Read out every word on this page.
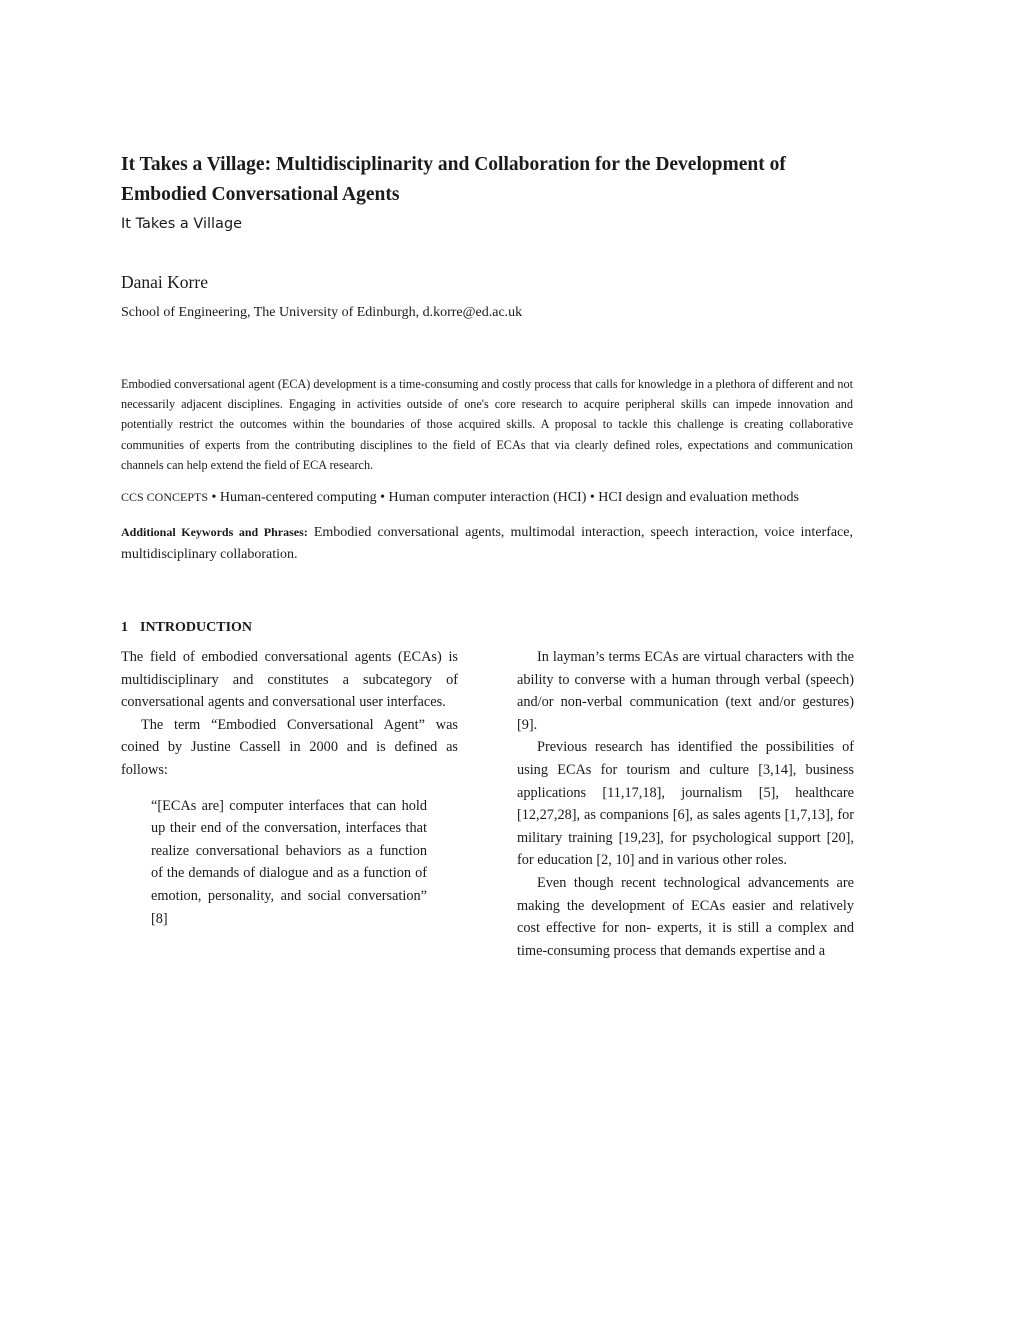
It Takes a Village: Multidisciplinarity and Collaboration for the Development of Embodied Conversational Agents
It Takes a Village
Danai Korre
School of Engineering, The University of Edinburgh, d.korre@ed.ac.uk

Embodied conversational agent (ECA) development is a time-consuming and costly process that calls for knowledge in a plethora of different and not necessarily adjacent disciplines. Engaging in activities outside of one's core research to acquire peripheral skills can impede innovation and potentially restrict the outcomes within the boundaries of those acquired skills. A proposal to tackle this challenge is creating collaborative communities of experts from the contributing disciplines to the field of ECAs that via clearly defined roles, expectations and communication channels can help extend the field of ECA research.

CCS CONCEPTS • Human-centered computing • Human computer interaction (HCI) • HCI design and evaluation methods

Additional Keywords and Phrases: Embodied conversational agents, multimodal interaction, speech interaction, voice interface, multidisciplinary collaboration.

1 INTRODUCTION

The field of embodied conversational agents (ECAs) is multidisciplinary and constitutes a subcategory of conversational agents and conversational user interfaces.

The term “Embodied Conversational Agent” was coined by Justine Cassell in 2000 and is defined as follows:

“[ECAs are] computer interfaces that can hold up their end of the conversation, interfaces that realize conversational behaviors as a function of the demands of dialogue and as a function of emotion, personality, and social conversation” [8]

In layman’s terms ECAs are virtual characters with the ability to converse with a human through verbal (speech) and/or non-verbal communication (text and/or gestures) [9].

Previous research has identified the possibilities of using ECAs for tourism and culture [3,14], business applications [11,17,18], journalism [5], healthcare [12,27,28], as companions [6], as sales agents [1,7,13], for military training [19,23], for psychological support [20], for education [2, 10] and in various other roles.

Even though recent technological advancements are making the development of ECAs easier and relatively cost effective for non- experts, it is still a complex and time-consuming process that demands expertise and a
